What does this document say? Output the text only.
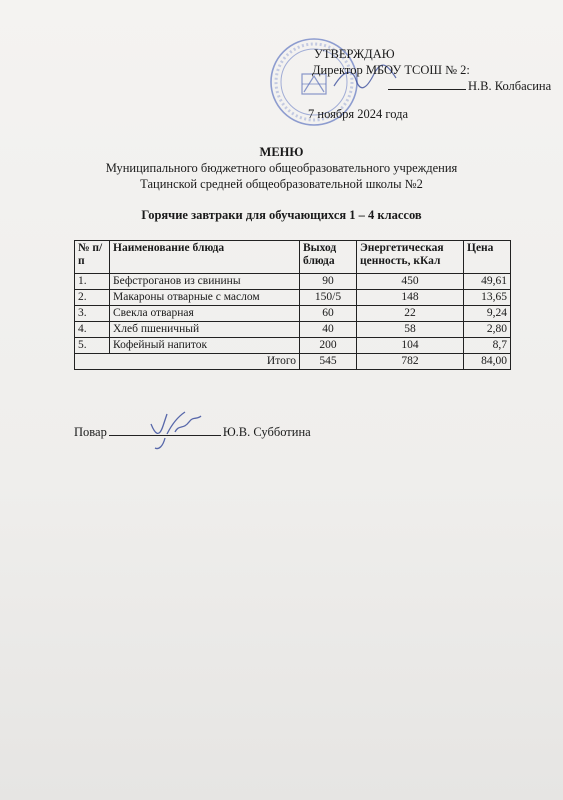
УТВЕРЖДАЮ
Директор МБОУ ТСОШ № 2:
Н.В. Колбасина
7 ноября 2024 года
МЕНЮ
Муниципального бюджетного общеобразовательного учреждения
Тацинской средней общеобразовательной школы №2
Горячие завтраки для обучающихся 1 – 4 классов
№ п/п	Наименование блюда	Выход блюда	Энергетическая ценность, кКал	Цена
1.	Бефстроганов из свинины	90	450	49,61
2.	Макароны отварные с маслом	150/5	148	13,65
3.	Свекла отварная	60	22	9,24
4.	Хлеб пшеничный	40	58	2,80
5.	Кофейный напиток	200	104	8,7
Итого		545	782	84,00
Повар	Ю.В. Субботина
